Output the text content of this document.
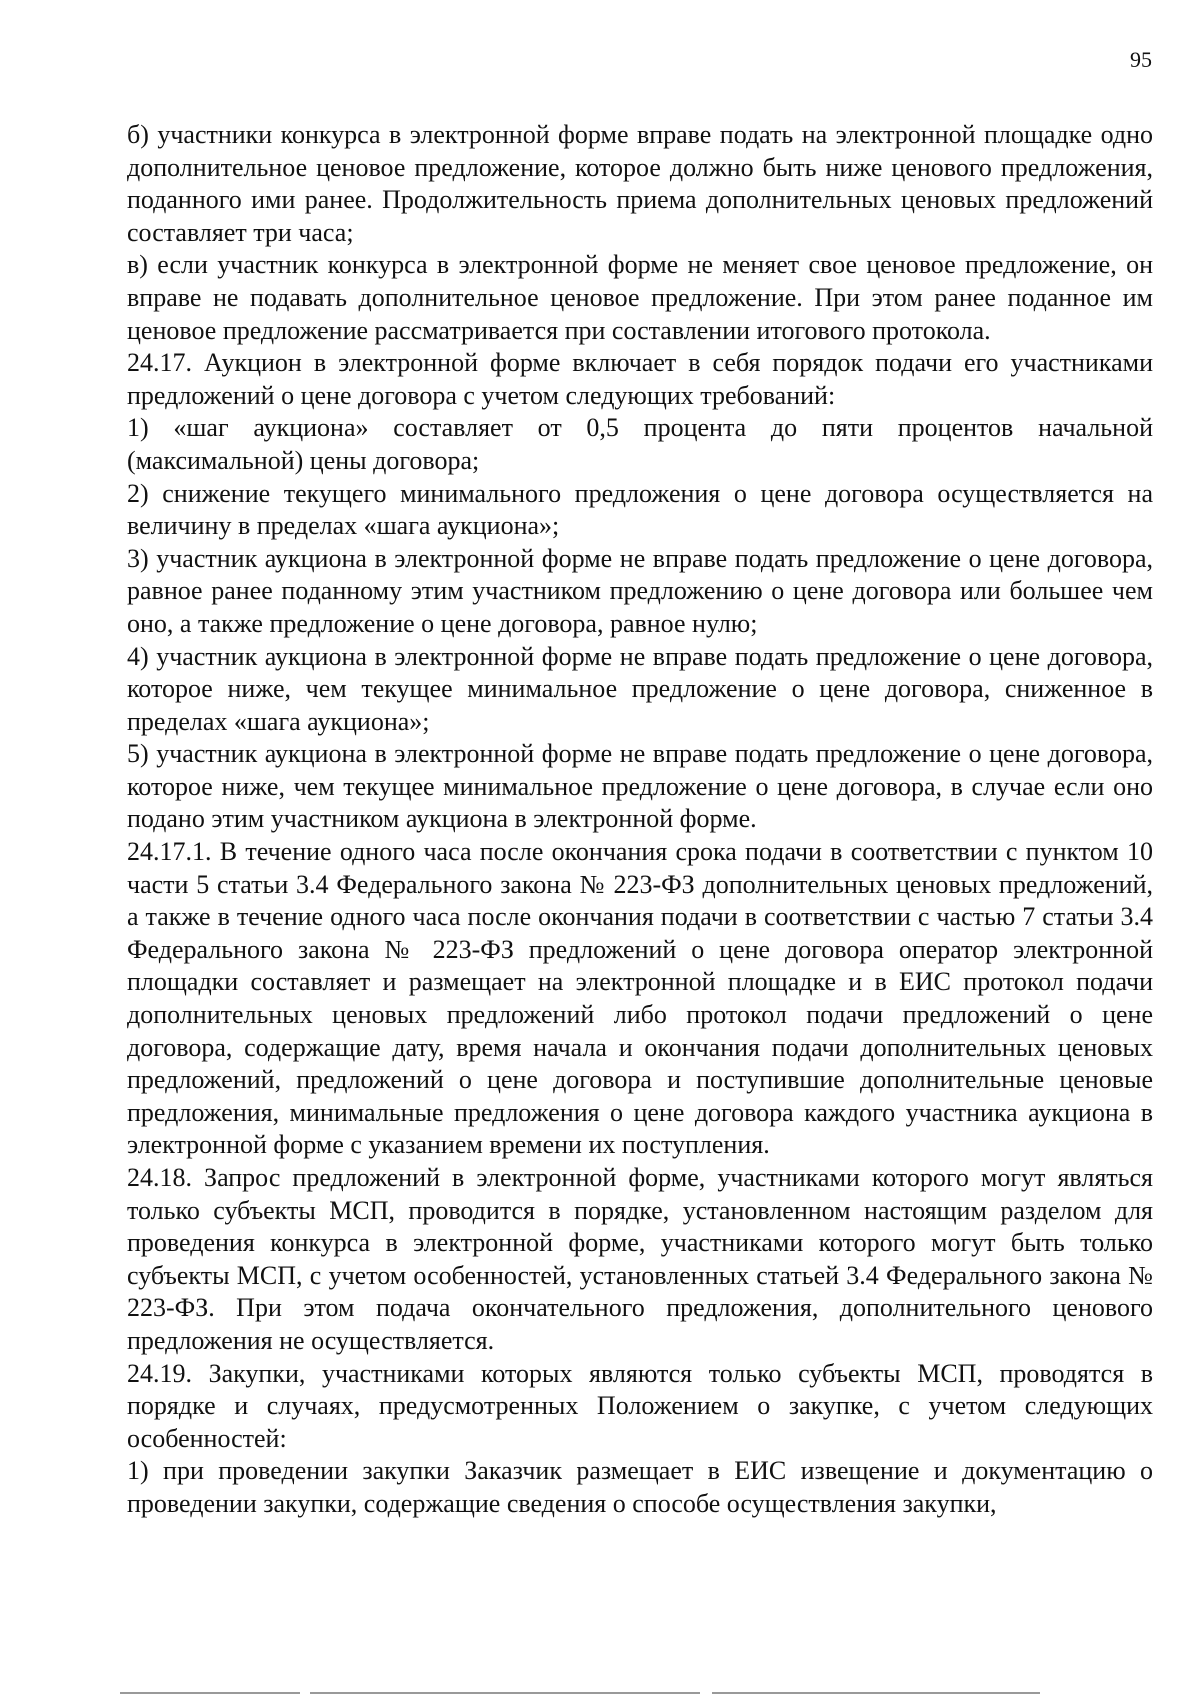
95

б) участники конкурса в электронной форме вправе подать на электронной площадке одно дополнительное ценовое предложение, которое должно быть ниже ценового предложения, поданного ими ранее. Продолжительность приема дополнительных ценовых предложений составляет три часа;

в) если участник конкурса в электронной форме не меняет свое ценовое предложение, он вправе не подавать дополнительное ценовое предложение. При этом ранее поданное им ценовое предложение рассматривается при составлении итогового протокола.

24.17. Аукцион в электронной форме включает в себя порядок подачи его участниками предложений о цене договора с учетом следующих требований:

1) «шаг аукциона» составляет от 0,5 процента до пяти процентов начальной (максимальной) цены договора;

2) снижение текущего минимального предложения о цене договора осуществляется на величину в пределах «шага аукциона»;

3) участник аукциона в электронной форме не вправе подать предложение о цене договора, равное ранее поданному этим участником предложению о цене договора или большее чем оно, а также предложение о цене договора, равное нулю;

4) участник аукциона в электронной форме не вправе подать предложение о цене договора, которое ниже, чем текущее минимальное предложение о цене договора, сниженное в пределах «шага аукциона»;

5) участник аукциона в электронной форме не вправе подать предложение о цене договора, которое ниже, чем текущее минимальное предложение о цене договора, в случае если оно подано этим участником аукциона в электронной форме.

24.17.1. В течение одного часа после окончания срока подачи в соответствии с пунктом 10 части 5 статьи 3.4 Федерального закона № 223-ФЗ дополнительных ценовых предложений, а также в течение одного часа после окончания подачи в соответствии с частью 7 статьи 3.4 Федерального закона № 223-ФЗ предложений о цене договора оператор электронной площадки составляет и размещает на электронной площадке и в ЕИС протокол подачи дополнительных ценовых предложений либо протокол подачи предложений о цене договора, содержащие дату, время начала и окончания подачи дополнительных ценовых предложений, предложений о цене договора и поступившие дополнительные ценовые предложения, минимальные предложения о цене договора каждого участника аукциона в электронной форме с указанием времени их поступления.

24.18. Запрос предложений в электронной форме, участниками которого могут являться только субъекты МСП, проводится в порядке, установленном настоящим разделом для проведения конкурса в электронной форме, участниками которого могут быть только субъекты МСП, с учетом особенностей, установленных статьей 3.4 Федерального закона № 223-ФЗ. При этом подача окончательного предложения, дополнительного ценового предложения не осуществляется.

24.19. Закупки, участниками которых являются только субъекты МСП, проводятся в порядке и случаях, предусмотренных Положением о закупке, с учетом следующих особенностей:

1) при проведении закупки Заказчик размещает в ЕИС извещение и документацию о проведении закупки, содержащие сведения о способе осуществления закупки,
